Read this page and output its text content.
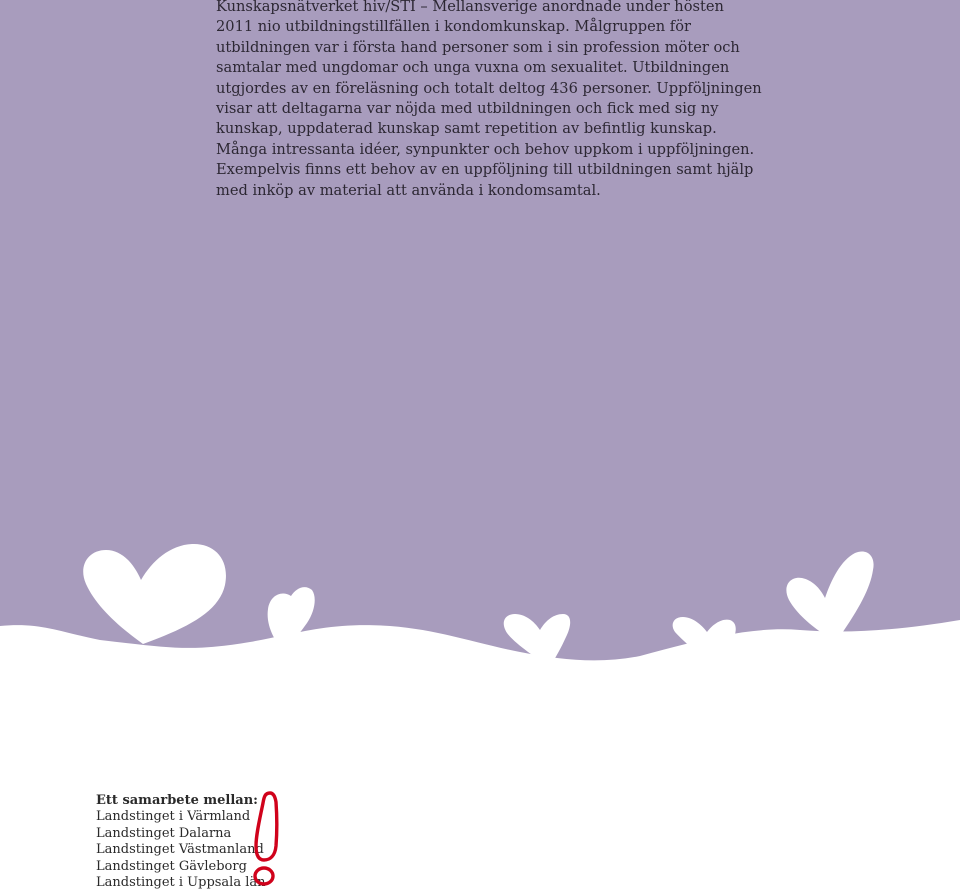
Kunskapsnätverket hiv/STI – Mellansverige anordnade under hösten
2011 nio utbildningstillfällen i kondomkunskap. Målgruppen för
utbildningen var i första hand personer som i sin profession möter och
samtalar med ungdomar och unga vuxna om sexualitet. Utbildningen
utgjordes av en föreläsning och totalt deltog 436 personer. Uppföljningen
visar att deltagarna var nöjda med utbildningen och fick med sig ny
kunskap, uppdaterad kunskap samt repetition av befintlig kunskap.
Många intressanta idéer, synpunkter och behov uppkom i uppföljningen.
Exempelvis finns ett behov av en uppföljning till utbildningen samt hjälp
med inköp av material att använda i kondomsamtal.

Ett samarbete mellan:
Landstinget i Värmland
Landstinget Dalarna
Landstinget Västmanland
Landstinget Gävleborg
Landstinget i Uppsala län
